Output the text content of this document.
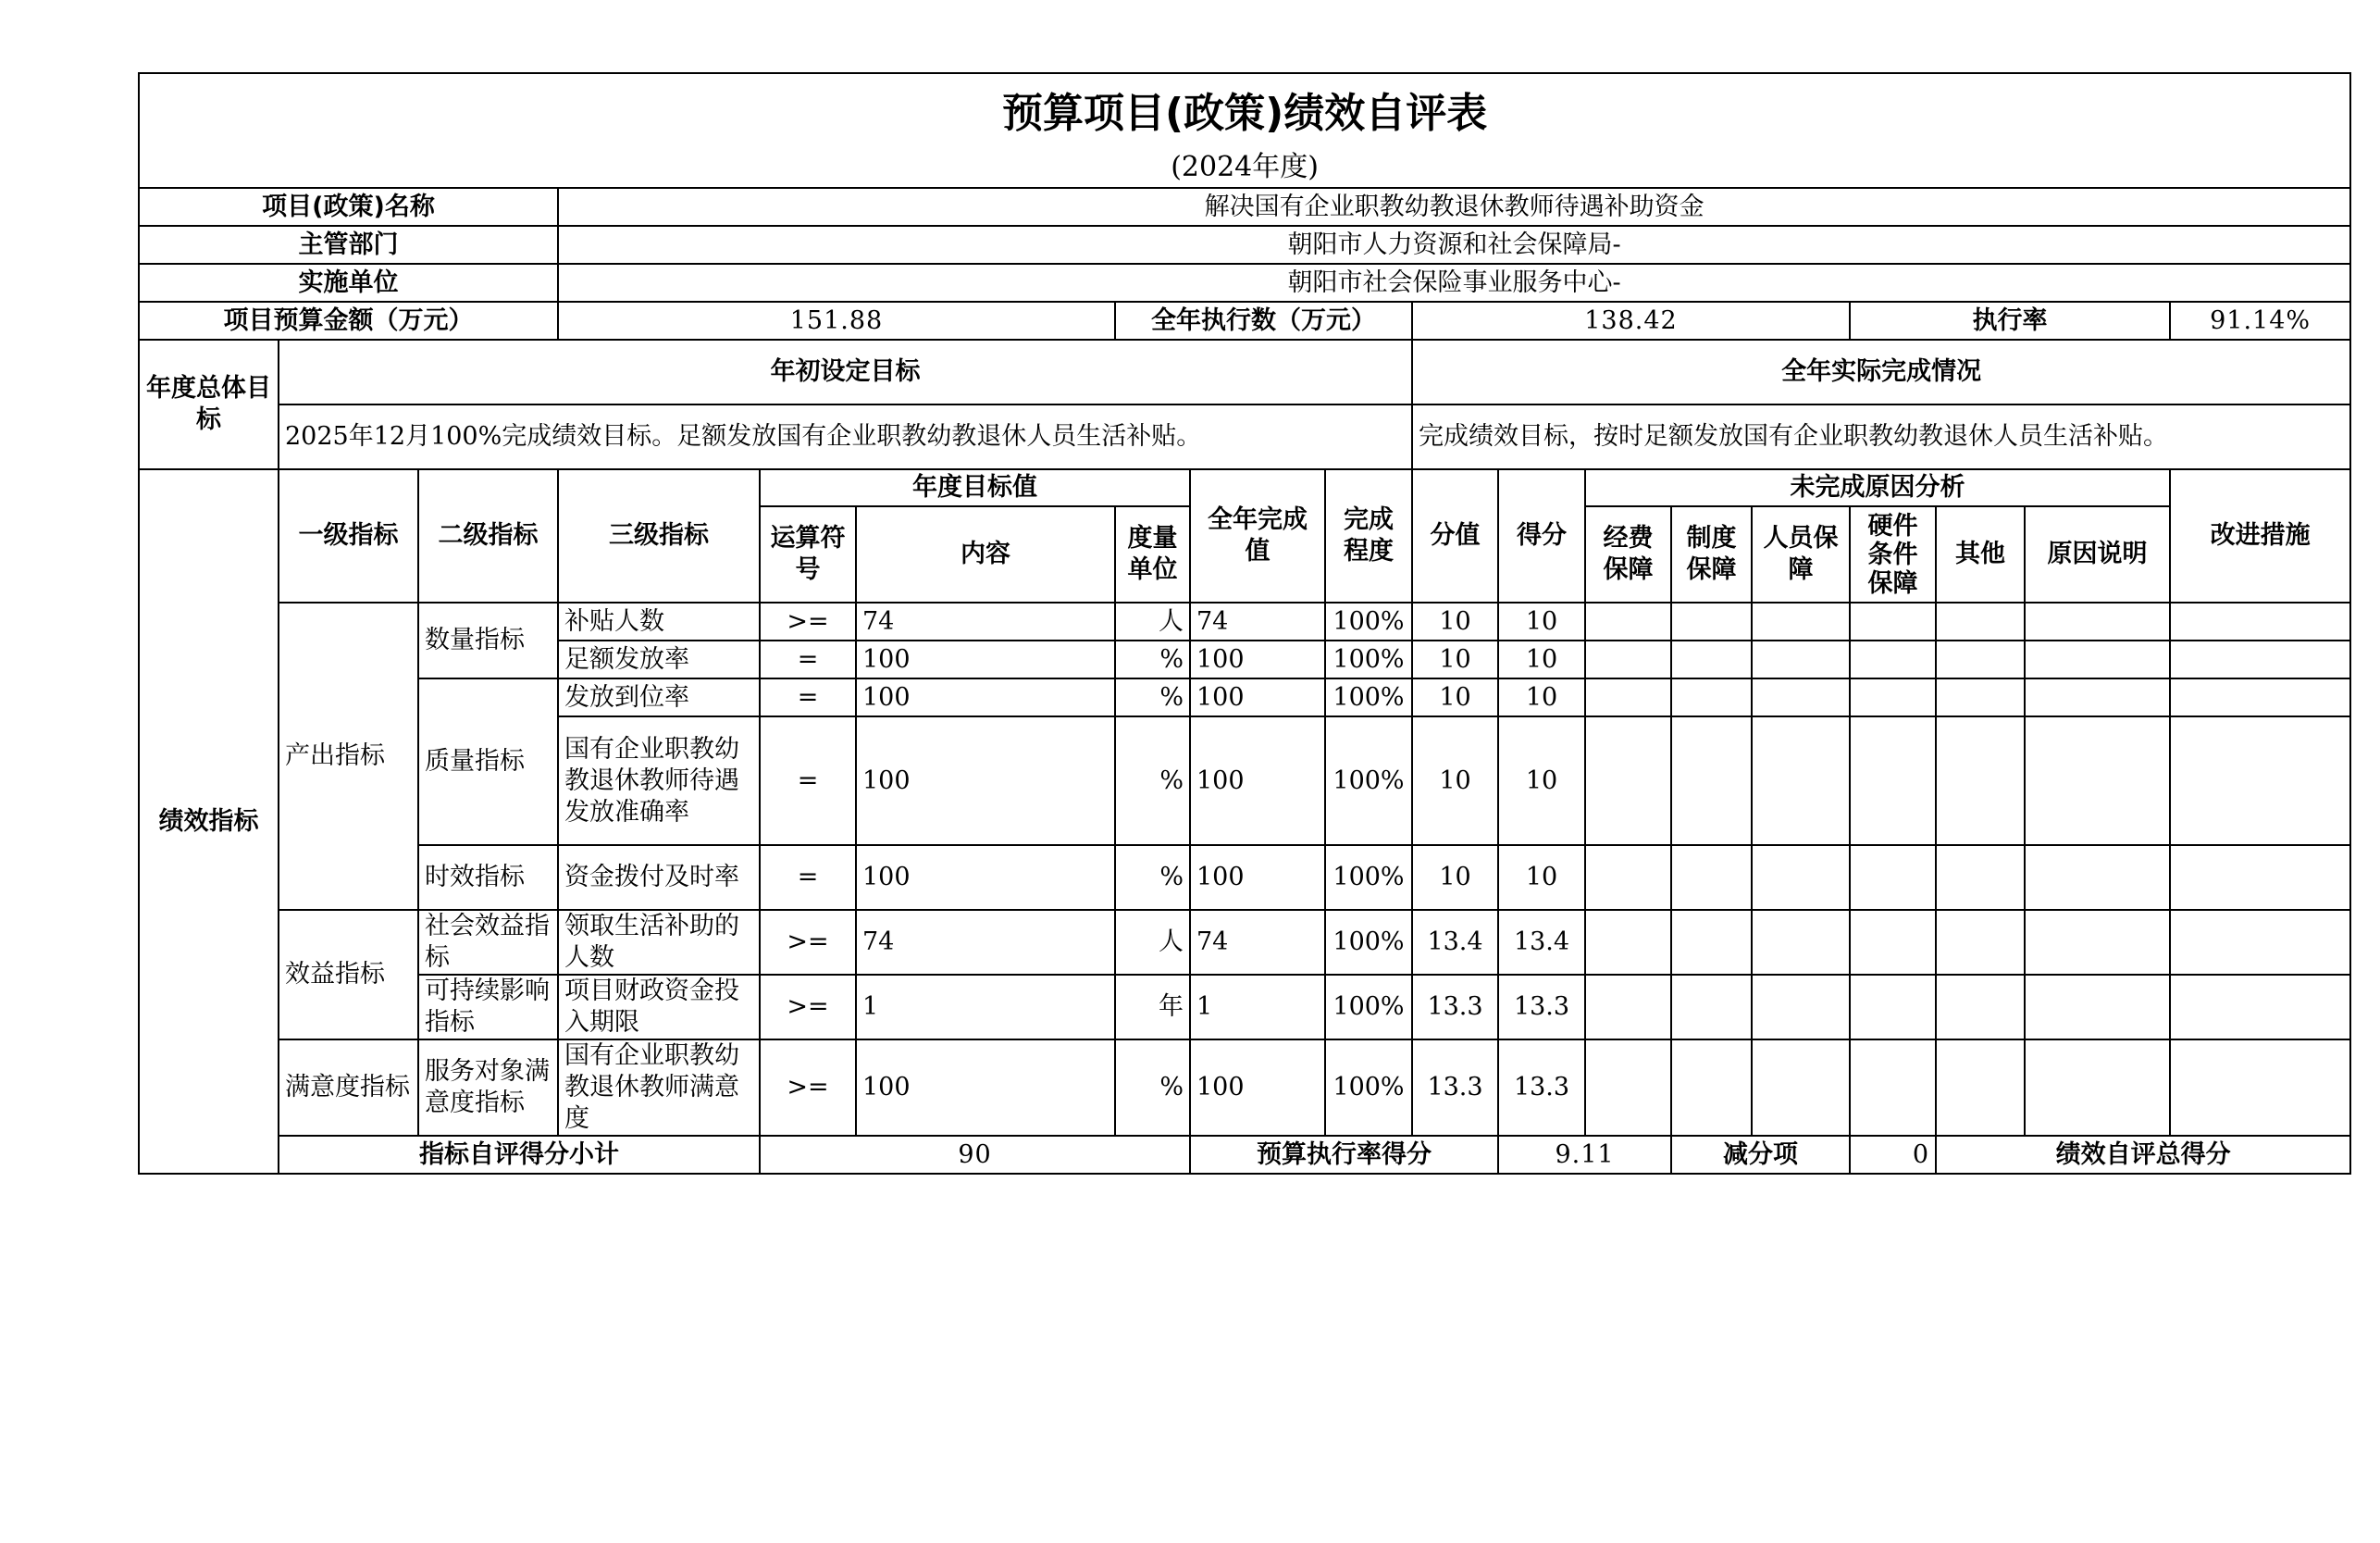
预算项目(政策)绩效自评表																		
(2024年度)																		
项目(政策)名称			解决国有企业职教幼教退休教师待遇补助资金															
主管部门			朝阳市人力资源和社会保障局-															
实施单位			朝阳市社会保险事业服务中心-															
项目预算金额（万元）			151.88			全年执行数（万元）			138.42					执行率			91.14%	
年度总体目标	年初设定目标								全年实际完成情况									
	2025年12月100%完成绩效目标。足额发放国有企业职教幼教退休人员生活补贴。								完成绩效目标，按时足额发放国有企业职教幼教退休人员生活补贴。									
绩效指标	一级指标	二级指标	三级指标	年度目标值			全年完成值	完成程度	分值	得分	未完成原因分析						改进措施	
				运算符号	内容	度量单位					经费保障	制度保障	人员保障	硬件条件保障	其他	原因说明		
	产出指标	数量指标	补贴人数	>=	74	人	74	100%	10	10								
			足额发放率	=	100	%	100	100%	10	10								
		质量指标	发放到位率	=	100	%	100	100%	10	10								
			国有企业职教幼教退休教师待遇发放准确率	=	100	%	100	100%	10	10								
		时效指标	资金拨付及时率	=	100	%	100	100%	10	10								
	效益指标	社会效益指标	领取生活补助的人数	>=	74	人	74	100%	13.4	13.4								
		可持续影响指标	项目财政资金投入期限	>=	1	年	1	100%	13.3	13.3								
	满意度指标	服务对象满意度指标	国有企业职教幼教退休教师满意度	>=	100	%	100	100%	13.3	13.3								
	指标自评得分小计			90			预算执行率得分			9.11		减分项		0	绩效自评总得分	
